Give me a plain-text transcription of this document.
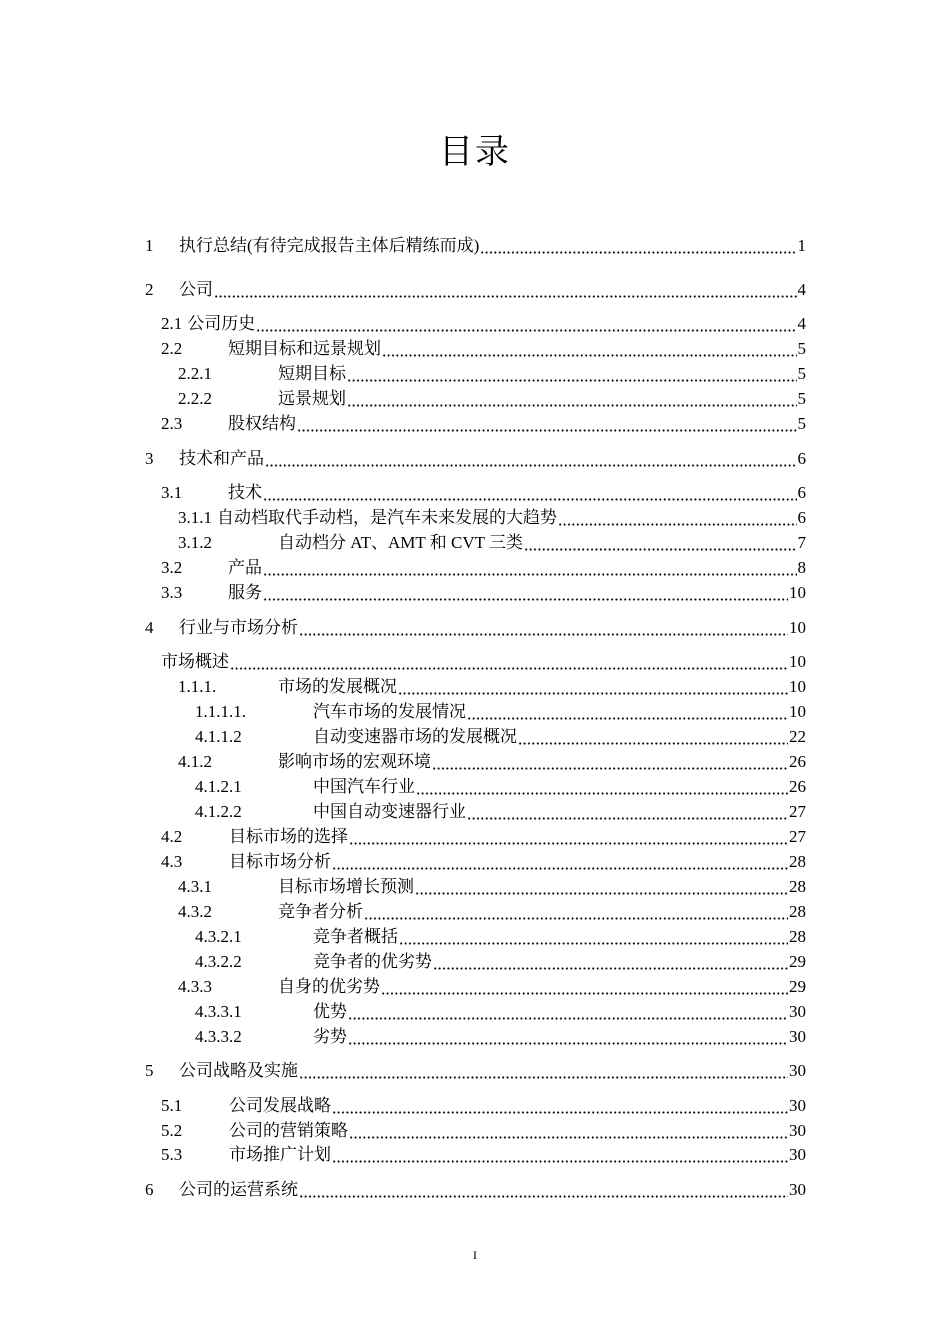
目录
1	执行总结(有待完成报告主体后精练而成)	1
2	公司	4
2.1 公司历史	4
2.2	短期目标和远景规划	5
2.2.1	短期目标	5
2.2.2	远景规划	5
2.3	股权结构	5
3	技术和产品	6
3.1	技术	6
3.1.1 自动档取代手动档，是汽车未来发展的大趋势	6
3.1.2	自动档分 AT、AMT 和 CVT 三类	7
3.2	产品	8
3.3	服务	10
4	行业与市场分析	10
市场概述	10
1.1.1.	市场的发展概况	10
1.1.1.1.	汽车市场的发展情况	10
4.1.1.2	自动变速器市场的发展概况	22
4.1.2	影响市场的宏观环境	26
4.1.2.1	中国汽车行业	26
4.1.2.2	中国自动变速器行业	27
4.2	目标市场的选择	27
4.3	目标市场分析	28
4.3.1	目标市场增长预测	28
4.3.2	竞争者分析	28
4.3.2.1	竞争者概括	28
4.3.2.2	竞争者的优劣势	29
4.3.3	自身的优劣势	29
4.3.3.1	优势	30
4.3.3.2	劣势	30
5	公司战略及实施	30
5.1	公司发展战略	30
5.2	公司的营销策略	30
5.3	市场推广计划	30
6	公司的运营系统	30
I
